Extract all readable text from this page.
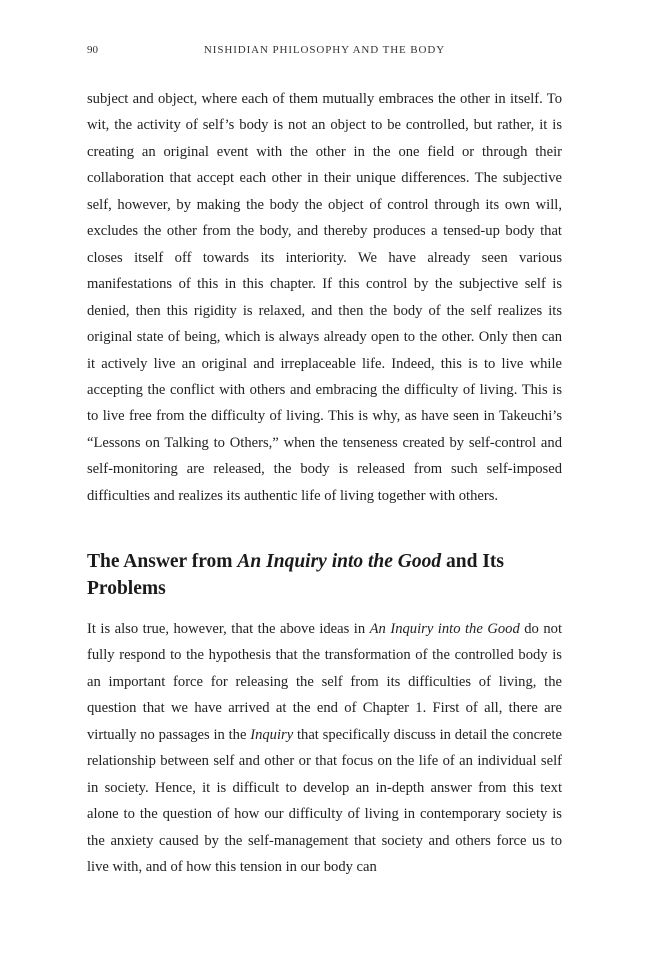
90	NISHIDIAN PHILOSOPHY AND THE BODY

subject and object, where each of them mutually embraces the other in itself. To wit, the activity of self’s body is not an object to be controlled, but rather, it is creating an original event with the other in the one field or through their collaboration that accept each other in their unique differences. The subjective self, however, by making the body the object of control through its own will, excludes the other from the body, and thereby produces a tensed-up body that closes itself off towards its interiority. We have already seen various manifestations of this in this chapter. If this control by the subjective self is denied, then this rigidity is relaxed, and then the body of the self realizes its original state of being, which is always already open to the other. Only then can it actively live an original and irreplaceable life. Indeed, this is to live while accepting the conflict with others and embracing the difficulty of living. This is to live free from the difficulty of living. This is why, as have seen in Takeuchi’s “Lessons on Talking to Others,” when the tenseness created by self-control and self-monitoring are released, the body is released from such self-imposed difficulties and realizes its authentic life of living together with others.

The Answer from An Inquiry into the Good and Its Problems

It is also true, however, that the above ideas in An Inquiry into the Good do not fully respond to the hypothesis that the transformation of the controlled body is an important force for releasing the self from its difficulties of living, the question that we have arrived at the end of Chapter 1. First of all, there are virtually no passages in the Inquiry that specifically discuss in detail the concrete relationship between self and other or that focus on the life of an individual self in society. Hence, it is difficult to develop an in-depth answer from this text alone to the question of how our difficulty of living in contemporary society is the anxiety caused by the self-management that society and others force us to live with, and of how this tension in our body can
